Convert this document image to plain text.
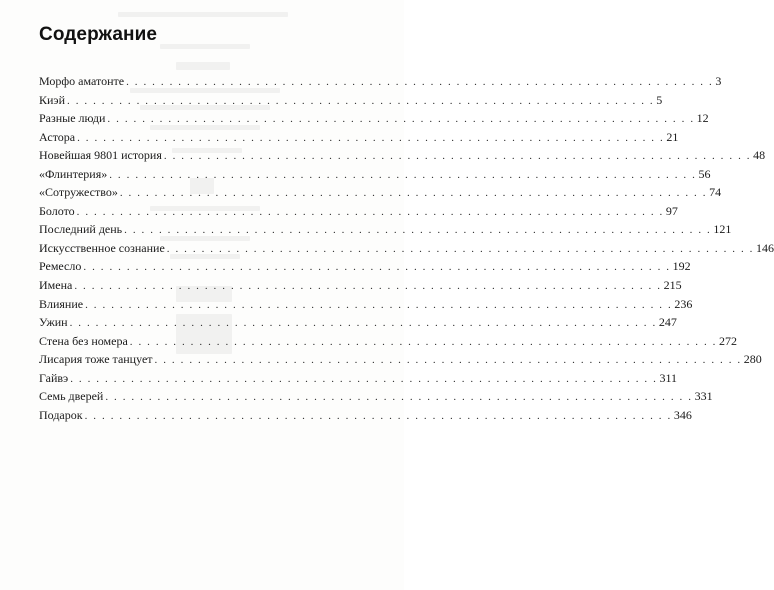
Содержание
Морфо аматонте . . . . . . . . . . . . . . . . . . . . . . . . . . . . . . . . . . . . . . . . . . . . . . . . . . . . . . . . . . . . . . . . . . . . 3
Киэй . . . . . . . . . . . . . . . . . . . . . . . . . . . . . . . . . . . . . . . . . . . . . . . . . . . . . . . . . . . . . . . . . . . . 5
Разные люди . . . . . . . . . . . . . . . . . . . . . . . . . . . . . . . . . . . . . . . . . . . . . . . . . . . . . . . . . . . . . . . . . . . . 12
Астора . . . . . . . . . . . . . . . . . . . . . . . . . . . . . . . . . . . . . . . . . . . . . . . . . . . . . . . . . . . . . . . . . . . . 21
Новейшая 9801 история . . . . . . . . . . . . . . . . . . . . . . . . . . . . . . . . . . . . . . . . . . . . . . . . . . . . . . . . . . . . . . . . . . . . 48
«Флинтерия» . . . . . . . . . . . . . . . . . . . . . . . . . . . . . . . . . . . . . . . . . . . . . . . . . . . . . . . . . . . . . . . . . . . . 56
«Сотружество» . . . . . . . . . . . . . . . . . . . . . . . . . . . . . . . . . . . . . . . . . . . . . . . . . . . . . . . . . . . . . . . . . . . . 74
Болото . . . . . . . . . . . . . . . . . . . . . . . . . . . . . . . . . . . . . . . . . . . . . . . . . . . . . . . . . . . . . . . . . . . . 97
Последний день . . . . . . . . . . . . . . . . . . . . . . . . . . . . . . . . . . . . . . . . . . . . . . . . . . . . . . . . . . . . . . . . . . . . 121
Искусственное сознание . . . . . . . . . . . . . . . . . . . . . . . . . . . . . . . . . . . . . . . . . . . . . . . . . . . . . . . . . . . . . . . . . . . . 146
Ремесло . . . . . . . . . . . . . . . . . . . . . . . . . . . . . . . . . . . . . . . . . . . . . . . . . . . . . . . . . . . . . . . . . . . . 192
Имена . . . . . . . . . . . . . . . . . . . . . . . . . . . . . . . . . . . . . . . . . . . . . . . . . . . . . . . . . . . . . . . . . . . . 215
Влияние . . . . . . . . . . . . . . . . . . . . . . . . . . . . . . . . . . . . . . . . . . . . . . . . . . . . . . . . . . . . . . . . . . . . 236
Ужин . . . . . . . . . . . . . . . . . . . . . . . . . . . . . . . . . . . . . . . . . . . . . . . . . . . . . . . . . . . . . . . . . . . . 247
Стена без номера . . . . . . . . . . . . . . . . . . . . . . . . . . . . . . . . . . . . . . . . . . . . . . . . . . . . . . . . . . . . . . . . . . . . 272
Лисария тоже танцует . . . . . . . . . . . . . . . . . . . . . . . . . . . . . . . . . . . . . . . . . . . . . . . . . . . . . . . . . . . . . . . . . . . . 280
Гайвэ . . . . . . . . . . . . . . . . . . . . . . . . . . . . . . . . . . . . . . . . . . . . . . . . . . . . . . . . . . . . . . . . . . . . 311
Семь дверей . . . . . . . . . . . . . . . . . . . . . . . . . . . . . . . . . . . . . . . . . . . . . . . . . . . . . . . . . . . . . . . . . . . . 331
Подарок . . . . . . . . . . . . . . . . . . . . . . . . . . . . . . . . . . . . . . . . . . . . . . . . . . . . . . . . . . . . . . . . . . . . 346
